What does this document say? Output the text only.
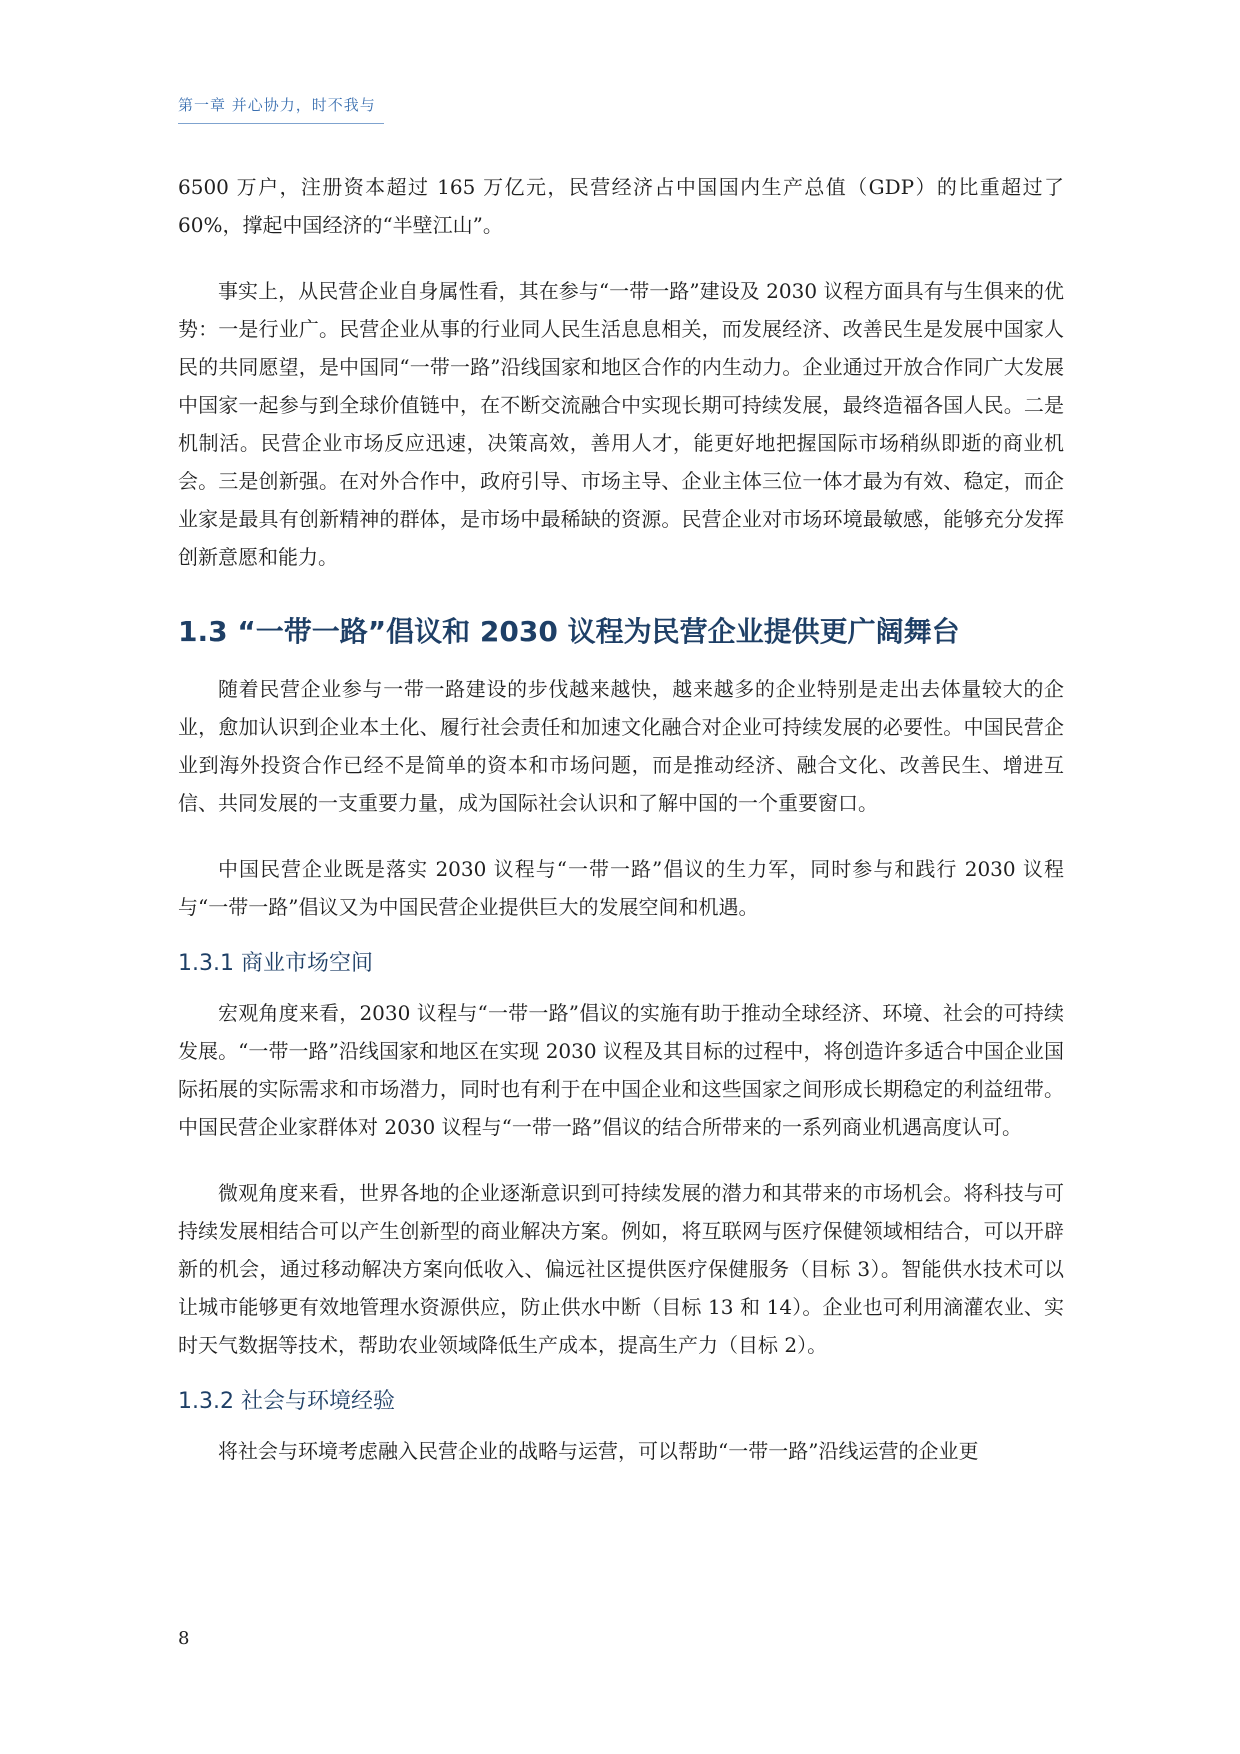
第一章 并心协力，时不我与

6500 万户，注册资本超过 165 万亿元，民营经济占中国国内生产总值（GDP）的比重超过了 60%，撑起中国经济的“半壁江山”。

事实上，从民营企业自身属性看，其在参与“一带一路”建设及 2030 议程方面具有与生俱来的优势：一是行业广。民营企业从事的行业同人民生活息息相关，而发展经济、改善民生是发展中国家人民的共同愿望，是中国同“一带一路”沿线国家和地区合作的内生动力。企业通过开放合作同广大发展中国家一起参与到全球价值链中，在不断交流融合中实现长期可持续发展，最终造福各国人民。二是机制活。民营企业市场反应迅速，决策高效，善用人才，能更好地把握国际市场稍纵即逝的商业机会。三是创新强。在对外合作中，政府引导、市场主导、企业主体三位一体才最为有效、稳定，而企业家是最具有创新精神的群体，是市场中最稀缺的资源。民营企业对市场环境最敏感，能够充分发挥创新意愿和能力。

1.3 “一带一路”倡议和 2030 议程为民营企业提供更广阔舞台

随着民营企业参与一带一路建设的步伐越来越快，越来越多的企业特别是走出去体量较大的企业，愈加认识到企业本土化、履行社会责任和加速文化融合对企业可持续发展的必要性。中国民营企业到海外投资合作已经不是简单的资本和市场问题，而是推动经济、融合文化、改善民生、增进互信、共同发展的一支重要力量，成为国际社会认识和了解中国的一个重要窗口。

中国民营企业既是落实 2030 议程与“一带一路”倡议的生力军，同时参与和践行 2030 议程与“一带一路”倡议又为中国民营企业提供巨大的发展空间和机遇。

1.3.1 商业市场空间

宏观角度来看，2030 议程与“一带一路”倡议的实施有助于推动全球经济、环境、社会的可持续发展。“一带一路”沿线国家和地区在实现 2030 议程及其目标的过程中，将创造许多适合中国企业国际拓展的实际需求和市场潜力，同时也有利于在中国企业和这些国家之间形成长期稳定的利益纽带。中国民营企业家群体对 2030 议程与“一带一路”倡议的结合所带来的一系列商业机遇高度认可。

微观角度来看，世界各地的企业逐渐意识到可持续发展的潜力和其带来的市场机会。将科技与可持续发展相结合可以产生创新型的商业解决方案。例如，将互联网与医疗保健领域相结合，可以开辟新的机会，通过移动解决方案向低收入、偏远社区提供医疗保健服务（目标 3）。智能供水技术可以让城市能够更有效地管理水资源供应，防止供水中断（目标 13 和 14）。企业也可利用滴灌农业、实时天气数据等技术，帮助农业领域降低生产成本，提高生产力（目标 2）。

1.3.2 社会与环境经验

将社会与环境考虑融入民营企业的战略与运营，可以帮助“一带一路”沿线运营的企业更

8
